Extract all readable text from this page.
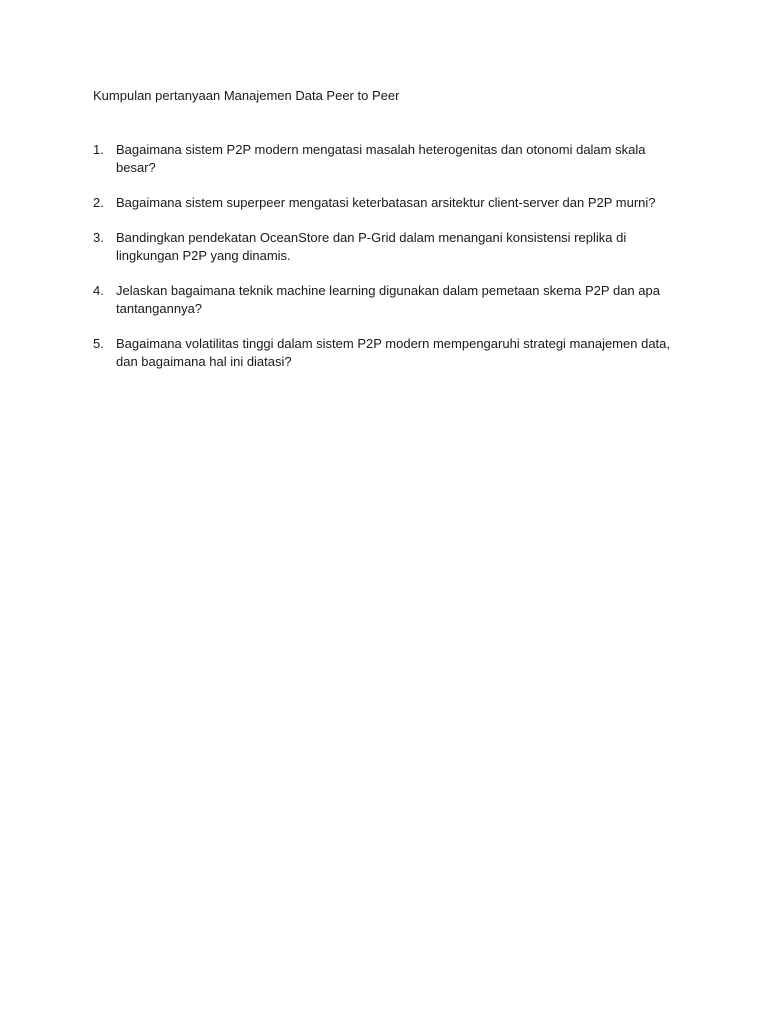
Kumpulan pertanyaan Manajemen Data Peer to Peer

1. Bagaimana sistem P2P modern mengatasi masalah heterogenitas dan otonomi dalam skala besar?
2. Bagaimana sistem superpeer mengatasi keterbatasan arsitektur client-server dan P2P murni?
3. Bandingkan pendekatan OceanStore dan P-Grid dalam menangani konsistensi replika di lingkungan P2P yang dinamis.
4. Jelaskan bagaimana teknik machine learning digunakan dalam pemetaan skema P2P dan apa tantangannya?
5. Bagaimana volatilitas tinggi dalam sistem P2P modern mempengaruhi strategi manajemen data, dan bagaimana hal ini diatasi?
